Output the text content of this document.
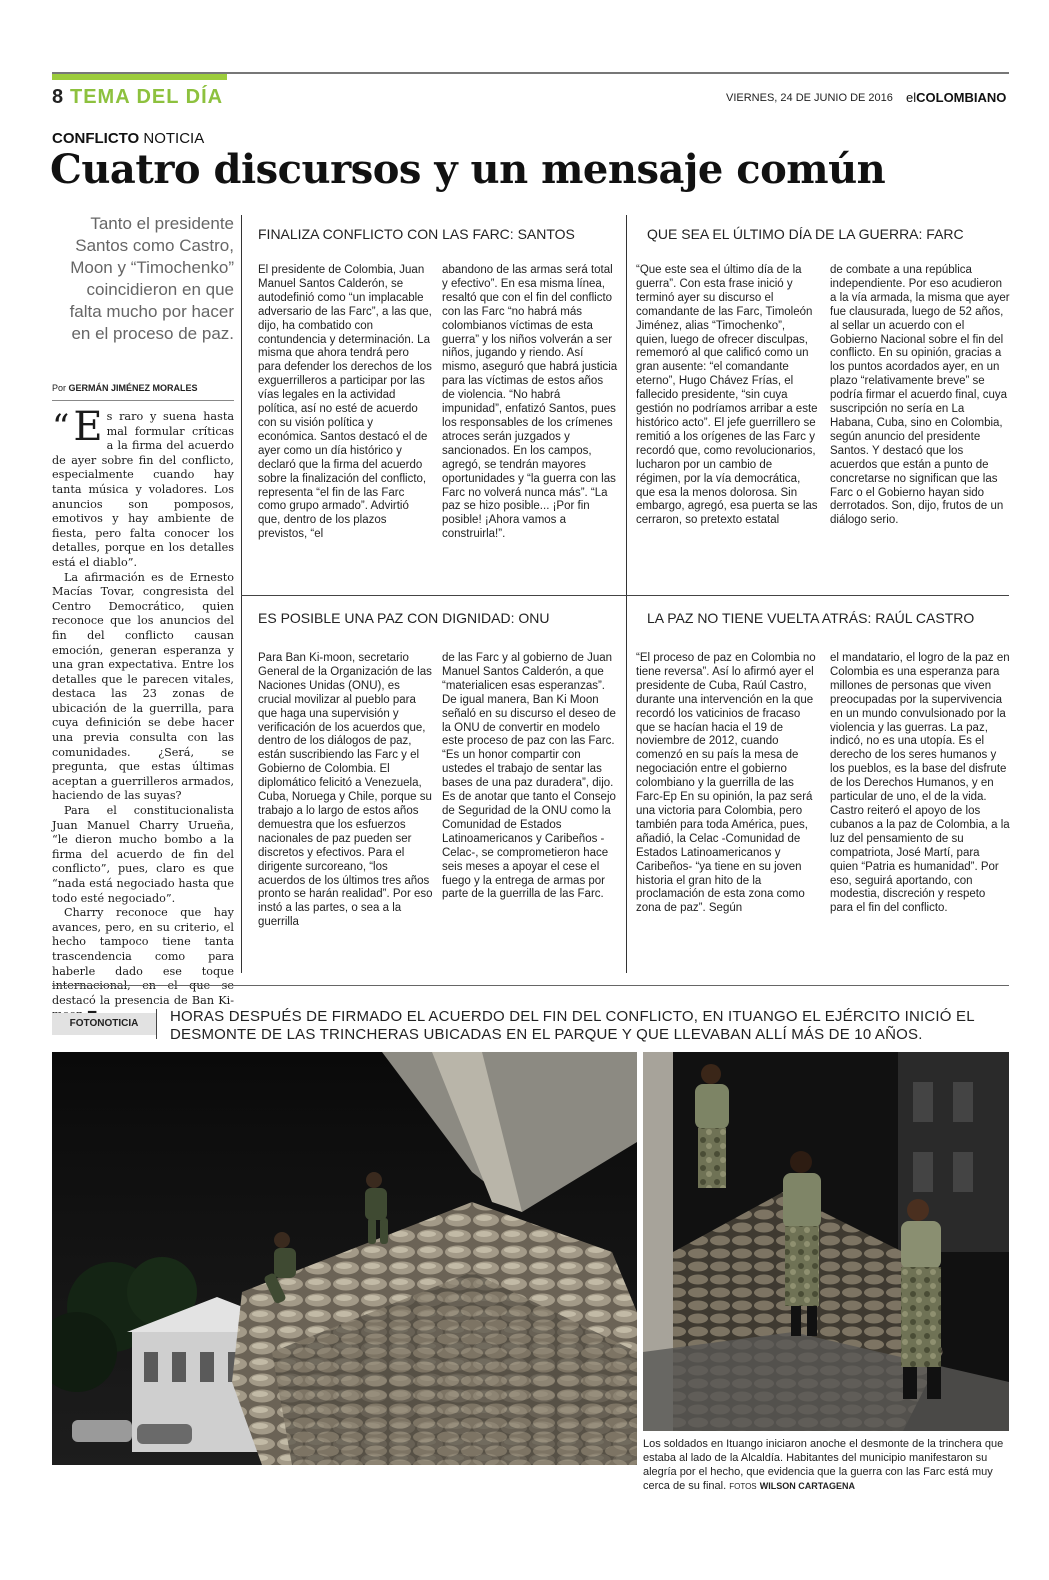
8 TEMA DEL DÍA	VIERNES, 24 DE JUNIO DE 2016 elCOLOMBIANO
CONFLICTO NOTICIA
Cuatro discursos y un mensaje común
Tanto el presidente Santos como Castro, Moon y “Timochenko” coincidieron en que falta mucho por hacer en el proceso de paz.
Por GERMÁN JIMÉNEZ MORALES

“ E s raro y suena hasta mal formular críticas a la firma del acuerdo de ayer sobre fin del conflicto, especialmente cuando hay tanta música y voladores. Los anuncios son pomposos, emotivos y hay ambiente de fiesta, pero falta conocer los detalles, porque en los detalles está el diablo”.

La afirmación es de Ernesto Macías Tovar, congresista del Centro Democrático, quien reconoce que los anuncios del fin del conflicto causan emoción, generan esperanza y una gran expectativa. Entre los detalles que le parecen vitales, destaca las 23 zonas de ubicación de la guerrilla, para cuya definición se debe hacer una previa consulta con las comunidades. ¿Será, se pregunta, que estas últimas aceptan a guerrilleros armados, haciendo de las suyas?

Para el constitucionalista Juan Manuel Charry Urueña, “le dieron mucho bombo a la firma del acuerdo de fin del conflicto”, pues, claro es que “nada está negociado hasta que todo esté negociado”.

Charry reconoce que hay avances, pero, en su criterio, el hecho tampoco tiene tanta trascendencia como para haberle dado ese toque destacó la presencia de Ban Ki-

FINALIZA CONFLICTO CON LAS FARC: SANTOS
El presidente de Colombia, Juan Manuel Santos Calderón, se autodefinió como “un implacable adversario de las Farc”, a las que, dijo, ha combatido con contundencia y determinación. La misma que ahora tendrá pero para defender los derechos de los exguerrilleros a participar por las vías legales en la actividad política, así no esté de acuerdo con su visión política y económica. Santos destacó el de ayer como un día histórico y declaró que la firma del acuerdo sobre la finalización del conflicto, representa “el fin de las Farc como grupo armado”. Advirtió que, dentro de los plazos previstos, “el
abandono de las armas será total y efectivo”. En esa misma línea, resaltó que con el fin del conflicto con las Farc “no habrá más colombianos víctimas de esta guerra” y los niños volverán a ser niños, jugando y riendo. Así mismo, aseguró que habrá justicia para las víctimas de estos años de violencia. “No habrá impunidad”, enfatizó Santos, pues los responsables de los crímenes atroces serán juzgados y sancionados. En los campos, agregó, se tendrán mayores oportunidades y “la guerra con las Farc no volverá nunca más”. “La paz se hizo posible... ¡Por fin posible! ¡Ahora vamos a construirla!”.
QUE SEA EL ÚLTIMO DÍA DE LA GUERRA: FARC
“Que este sea el último día de la guerra”. Con esta frase inició y terminó ayer su discurso el comandante de las Farc, Timoleón Jiménez, alias “Timochenko”, quien, luego de ofrecer disculpas, rememoró al que calificó como un gran ausente: “el comandante eterno”, Hugo Chávez Frías, el fallecido presidente, “sin cuya gestión no podríamos arribar a este histórico acto”. El jefe guerrillero se remitió a los orígenes de las Farc y recordó que, como revolucionarios, lucharon por un cambio de régimen, por la vía democrática, que esa la menos dolorosa. Sin embargo, agregó, esa puerta se las cerraron, so pretexto estatal
de combate a una república independiente. Por eso acudieron a la vía armada, la misma que ayer fue clausurada, luego de 52 años, al sellar un acuerdo con el Gobierno Nacional sobre el fin del conflicto. En su opinión, gracias a los puntos acordados ayer, en un plazo “relativamente breve” se podría firmar el acuerdo final, cuya suscripción no sería en La Habana, Cuba, sino en Colombia, según anuncio del presidente Santos. Y destacó que los acuerdos que están a punto de concretarse no significan que las Farc o el Gobierno hayan sido derrotados. Son, dijo, frutos de un diálogo serio.
ES POSIBLE UNA PAZ CON DIGNIDAD: ONU
Para Ban Ki-moon, secretario General de la Organización de las Naciones Unidas (ONU), es crucial movilizar al pueblo para que haga una supervisión y verificación de los acuerdos que, dentro de los diálogos de paz, están suscribiendo las Farc y el Gobierno de Colombia. El diplomático felicitó a Venezuela, Cuba, Noruega y Chile, porque su trabajo a lo largo de estos años demuestra que los esfuerzos nacionales de paz pueden ser discretos y efectivos. Para el dirigente surcoreano, “los acuerdos de los últimos tres años pronto se harán realidad”. Por eso instó a las partes, o sea a la guerrilla
de las Farc y al gobierno de Juan Manuel Santos Calderón, a que “materialicen esas esperanzas”. De igual manera, Ban Ki Moon señaló en su discurso el deseo de la ONU de convertir en modelo este proceso de paz con las Farc. “Es un honor compartir con ustedes el trabajo de sentar las bases de una paz duradera”, dijo. Es de anotar que tanto el Consejo de Seguridad de la ONU como la Comunidad de Estados Latinoamericanos y Caribeños -Celac-, se comprometieron hace seis meses a apoyar el cese el fuego y la entrega de armas por parte de la guerrilla de las Farc.
LA PAZ NO TIENE VUELTA ATRÁS: RAÚL CASTRO
“El proceso de paz en Colombia no tiene reversa”. Así lo afirmó ayer el presidente de Cuba, Raúl Castro, durante una intervención en la que recordó los vaticinios de fracaso que se hacían hacia el 19 de noviembre de 2012, cuando comenzó en su país la mesa de negociación entre el gobierno colombiano y la guerrilla de las Farc-Ep En su opinión, la paz será una victoria para Colombia, pero también para toda América, pues, añadió, la Celac -Comunidad de Estados Latinoamericanos y Caribeños- “ya tiene en su joven historia el gran hito de la proclamación de esta zona como zona de paz”. Según
el mandatario, el logro de la paz en Colombia es una esperanza para millones de personas que viven preocupadas por la supervivencia en un mundo convulsionado por la violencia y las guerras. La paz, indicó, no es una utopía. Es el derecho de los seres humanos y los pueblos, es la base del disfrute de los Derechos Humanos, y en particular de uno, el de la vida. Castro reiteró el apoyo de los cubanos a la paz de Colombia, a la luz del pensamiento de su compatriota, José Martí, para quien “Patria es humanidad”. Por eso, seguirá aportando, con modestia, discreción y respeto para el fin del conflicto.
FOTONOTICIA	HORAS DESPUÉS DE FIRMADO EL ACUERDO DEL FIN DEL CONFLICTO, EN ITUANGO EL EJÉRCITO INICIÓ EL DESMONTE DE LAS TRINCHERAS UBICADAS EN EL PARQUE Y QUE LLEVABAN ALLÍ MÁS DE 10 AÑOS.
Los soldados en Ituango iniciaron anoche el desmonte de la trinchera que estaba al lado de la Alcaldía. Habitantes del municipio manifestaron su alegría por el hecho, que evidencia que la guerra con las Farc está muy cerca de su final. FOTOS WILSON CARTAGENA
